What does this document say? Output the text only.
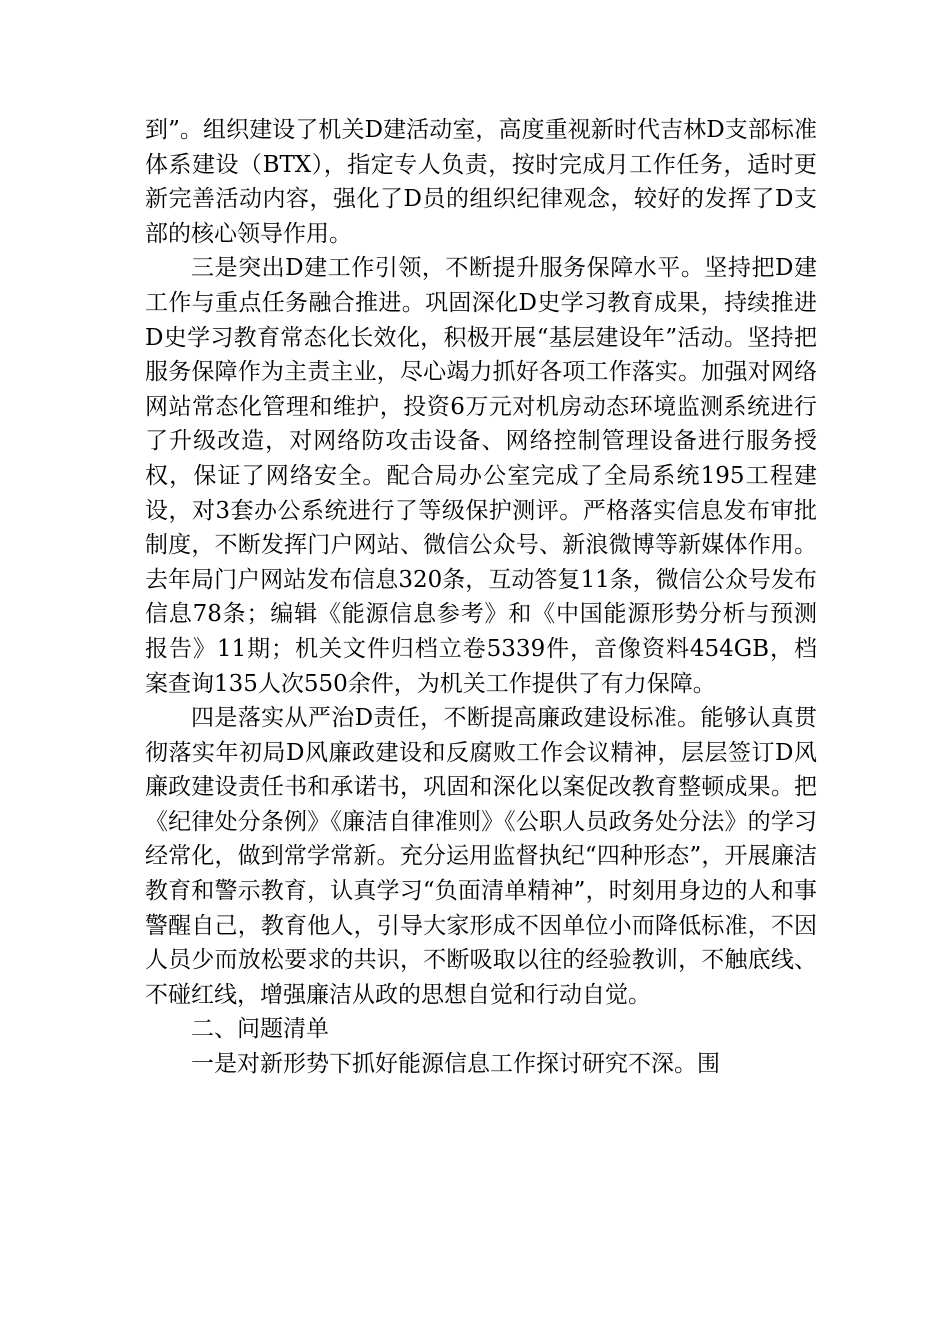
到”。组织建设了机关D建活动室，高度重视新时代吉林D支部标准体系建设（BTX），指定专人负责，按时完成月工作任务，适时更新完善活动内容，强化了D员的组织纪律观念，较好的发挥了D支部的核心领导作用。

三是突出D建工作引领，不断提升服务保障水平。坚持把D建工作与重点任务融合推进。巩固深化D史学习教育成果，持续推进D史学习教育常态化长效化，积极开展“基层建设年”活动。坚持把服务保障作为主责主业，尽心竭力抓好各项工作落实。加强对网络网站常态化管理和维护，投资6万元对机房动态环境监测系统进行了升级改造，对网络防攻击设备、网络控制管理设备进行服务授权，保证了网络安全。配合局办公室完成了全局系统195工程建设，对3套办公系统进行了等级保护测评。严格落实信息发布审批制度，不断发挥门户网站、微信公众号、新浪微博等新媒体作用。去年局门户网站发布信息320条，互动答复11条，微信公众号发布信息78条；编辑《能源信息参考》和《中国能源形势分析与预测报告》11期；机关文件归档立卷5339件，音像资料454GB，档案查询135人次550余件，为机关工作提供了有力保障。

四是落实从严治D责任，不断提高廉政建设标准。能够认真贯彻落实年初局D风廉政建设和反腐败工作会议精神，层层签订D风廉政建设责任书和承诺书，巩固和深化以案促改教育整顿成果。把《纪律处分条例》《廉洁自律准则》《公职人员政务处分法》的学习经常化，做到常学常新。充分运用监督执纪“四种形态”，开展廉洁教育和警示教育，认真学习“负面清单精神”，时刻用身边的人和事警醒自己，教育他人，引导大家形成不因单位小而降低标准，不因人员少而放松要求的共识，不断吸取以往的经验教训，不触底线、不碰红线，增强廉洁从政的思想自觉和行动自觉。

二、问题清单

一是对新形势下抓好能源信息工作探讨研究不深。围
